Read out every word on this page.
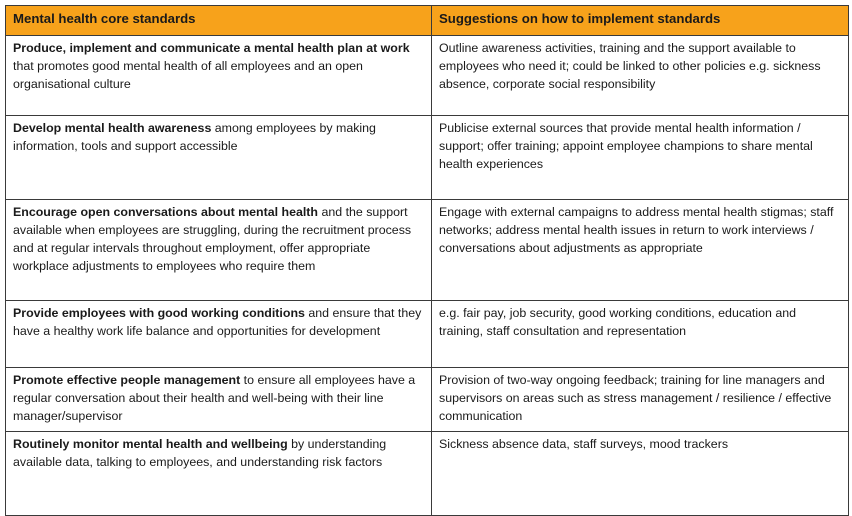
Mental health core standards	Suggestions on how to implement standards
Produce, implement and communicate a mental health plan at work that promotes good mental health of all employees and an open organisational culture	Outline awareness activities, training and the support available to employees who need it; could be linked to other policies e.g. sickness absence, corporate social responsibility
Develop mental health awareness among employees by making information, tools and support accessible	Publicise external sources that provide mental health information / support; offer training; appoint employee champions to share mental health experiences
Encourage open conversations about mental health and the support available when employees are struggling, during the recruitment process and at regular intervals throughout employment, offer appropriate workplace adjustments to employees who require them	Engage with external campaigns to address mental health stigmas; staff networks; address mental health issues in return to work interviews / conversations about adjustments as appropriate
Provide employees with good working conditions and ensure that they have a healthy work life balance and opportunities for development	e.g. fair pay, job security, good working conditions, education and training, staff consultation and representation
Promote effective people management to ensure all employees have a regular conversation about their health and well-being with their line manager/supervisor	Provision of two-way ongoing feedback; training for line managers and supervisors on areas such as stress management / resilience / effective communication
Routinely monitor mental health and wellbeing by understanding available data, talking to employees, and understanding risk factors	Sickness absence data, staff surveys, mood trackers
